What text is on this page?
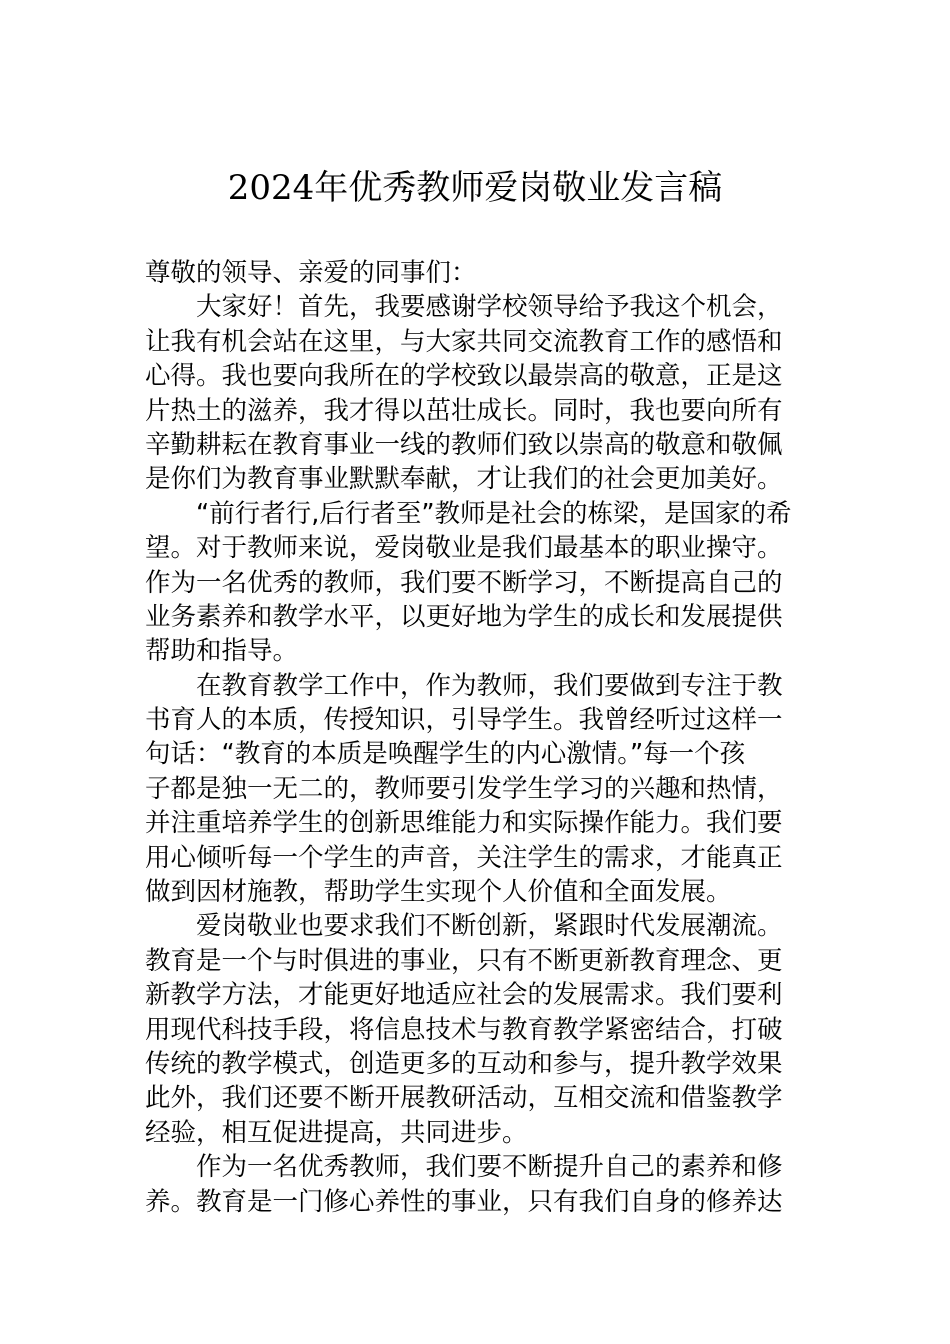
2024年优秀教师爱岗敬业发言稿
尊敬的领导、亲爱的同事们：
大家好！首先，我要感谢学校领导给予我这个机会，
让我有机会站在这里，与大家共同交流教育工作的感悟和
心得。我也要向我所在的学校致以最崇高的敬意，正是这
片热土的滋养，我才得以茁壮成长。同时，我也要向所有
辛勤耕耘在教育事业一线的教师们致以崇高的敬意和敬佩
是你们为教育事业默默奉献，才让我们的社会更加美好。
“前行者行,后行者至”教师是社会的栋梁，是国家的希
望。对于教师来说，爱岗敬业是我们最基本的职业操守。
作为一名优秀的教师，我们要不断学习，不断提高自己的
业务素养和教学水平，以更好地为学生的成长和发展提供
帮助和指导。
在教育教学工作中，作为教师，我们要做到专注于教
书育人的本质，传授知识，引导学生。我曾经听过这样一
句话：“教育的本质是唤醒学生的内心激情。”每一个孩
子都是独一无二的，教师要引发学生学习的兴趣和热情，
并注重培养学生的创新思维能力和实际操作能力。我们要
用心倾听每一个学生的声音，关注学生的需求，才能真正
做到因材施教，帮助学生实现个人价值和全面发展。
爱岗敬业也要求我们不断创新，紧跟时代发展潮流。
教育是一个与时俱进的事业，只有不断更新教育理念、更
新教学方法，才能更好地适应社会的发展需求。我们要利
用现代科技手段，将信息技术与教育教学紧密结合，打破
传统的教学模式，创造更多的互动和参与，提升教学效果
此外，我们还要不断开展教研活动，互相交流和借鉴教学
经验，相互促进提高，共同进步。
作为一名优秀教师，我们要不断提升自己的素养和修
养。教育是一门修心养性的事业，只有我们自身的修养达
